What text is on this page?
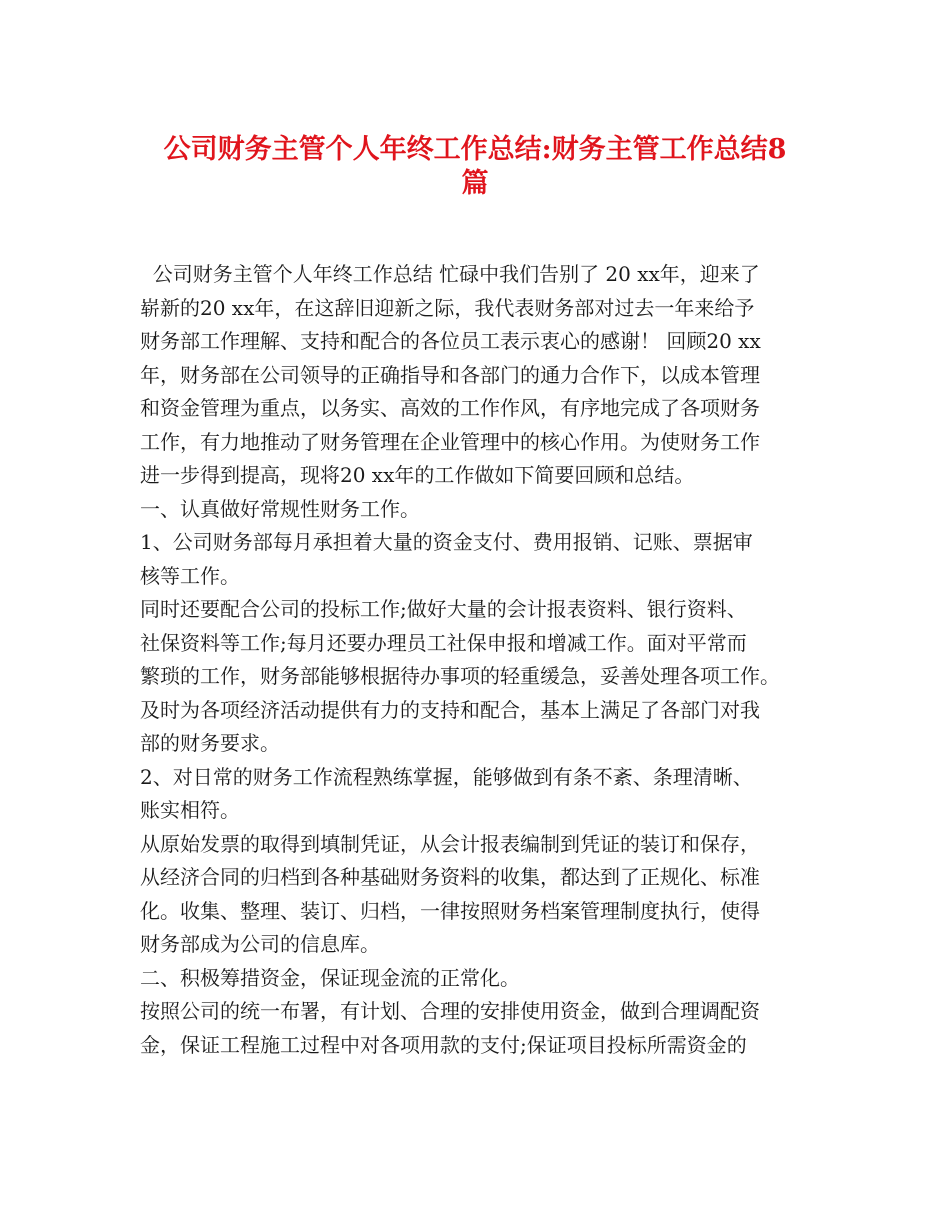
公司财务主管个人年终工作总结:财务主管工作总结8
篇
公司财务主管个人年终工作总结 忙碌中我们告别了 20 xx年，迎来了
崭新的20 xx年，在这辞旧迎新之际，我代表财务部对过去一年来给予
财务部工作理解、支持和配合的各位员工表示衷心的感谢！ 回顾20 xx
年，财务部在公司领导的正确指导和各部门的通力合作下，以成本管理
和资金管理为重点，以务实、高效的工作作风，有序地完成了各项财务
工作，有力地推动了财务管理在企业管理中的核心作用。为使财务工作
进一步得到提高，现将20 xx年的工作做如下简要回顾和总结。
一、认真做好常规性财务工作。
1、公司财务部每月承担着大量的资金支付、费用报销、记账、票据审
核等工作。
同时还要配合公司的投标工作;做好大量的会计报表资料、银行资料、
社保资料等工作;每月还要办理员工社保申报和增减工作。面对平常而
繁琐的工作，财务部能够根据待办事项的轻重缓急，妥善处理各项工作。
及时为各项经济活动提供有力的支持和配合，基本上满足了各部门对我
部的财务要求。
2、对日常的财务工作流程熟练掌握，能够做到有条不紊、条理清晰、
账实相符。
从原始发票的取得到填制凭证，从会计报表编制到凭证的装订和保存，
从经济合同的归档到各种基础财务资料的收集，都达到了正规化、标准
化。收集、整理、装订、归档，一律按照财务档案管理制度执行，使得
财务部成为公司的信息库。
二、积极筹措资金，保证现金流的正常化。
按照公司的统一布署，有计划、合理的安排使用资金，做到合理调配资
金，保证工程施工过程中对各项用款的支付;保证项目投标所需资金的
